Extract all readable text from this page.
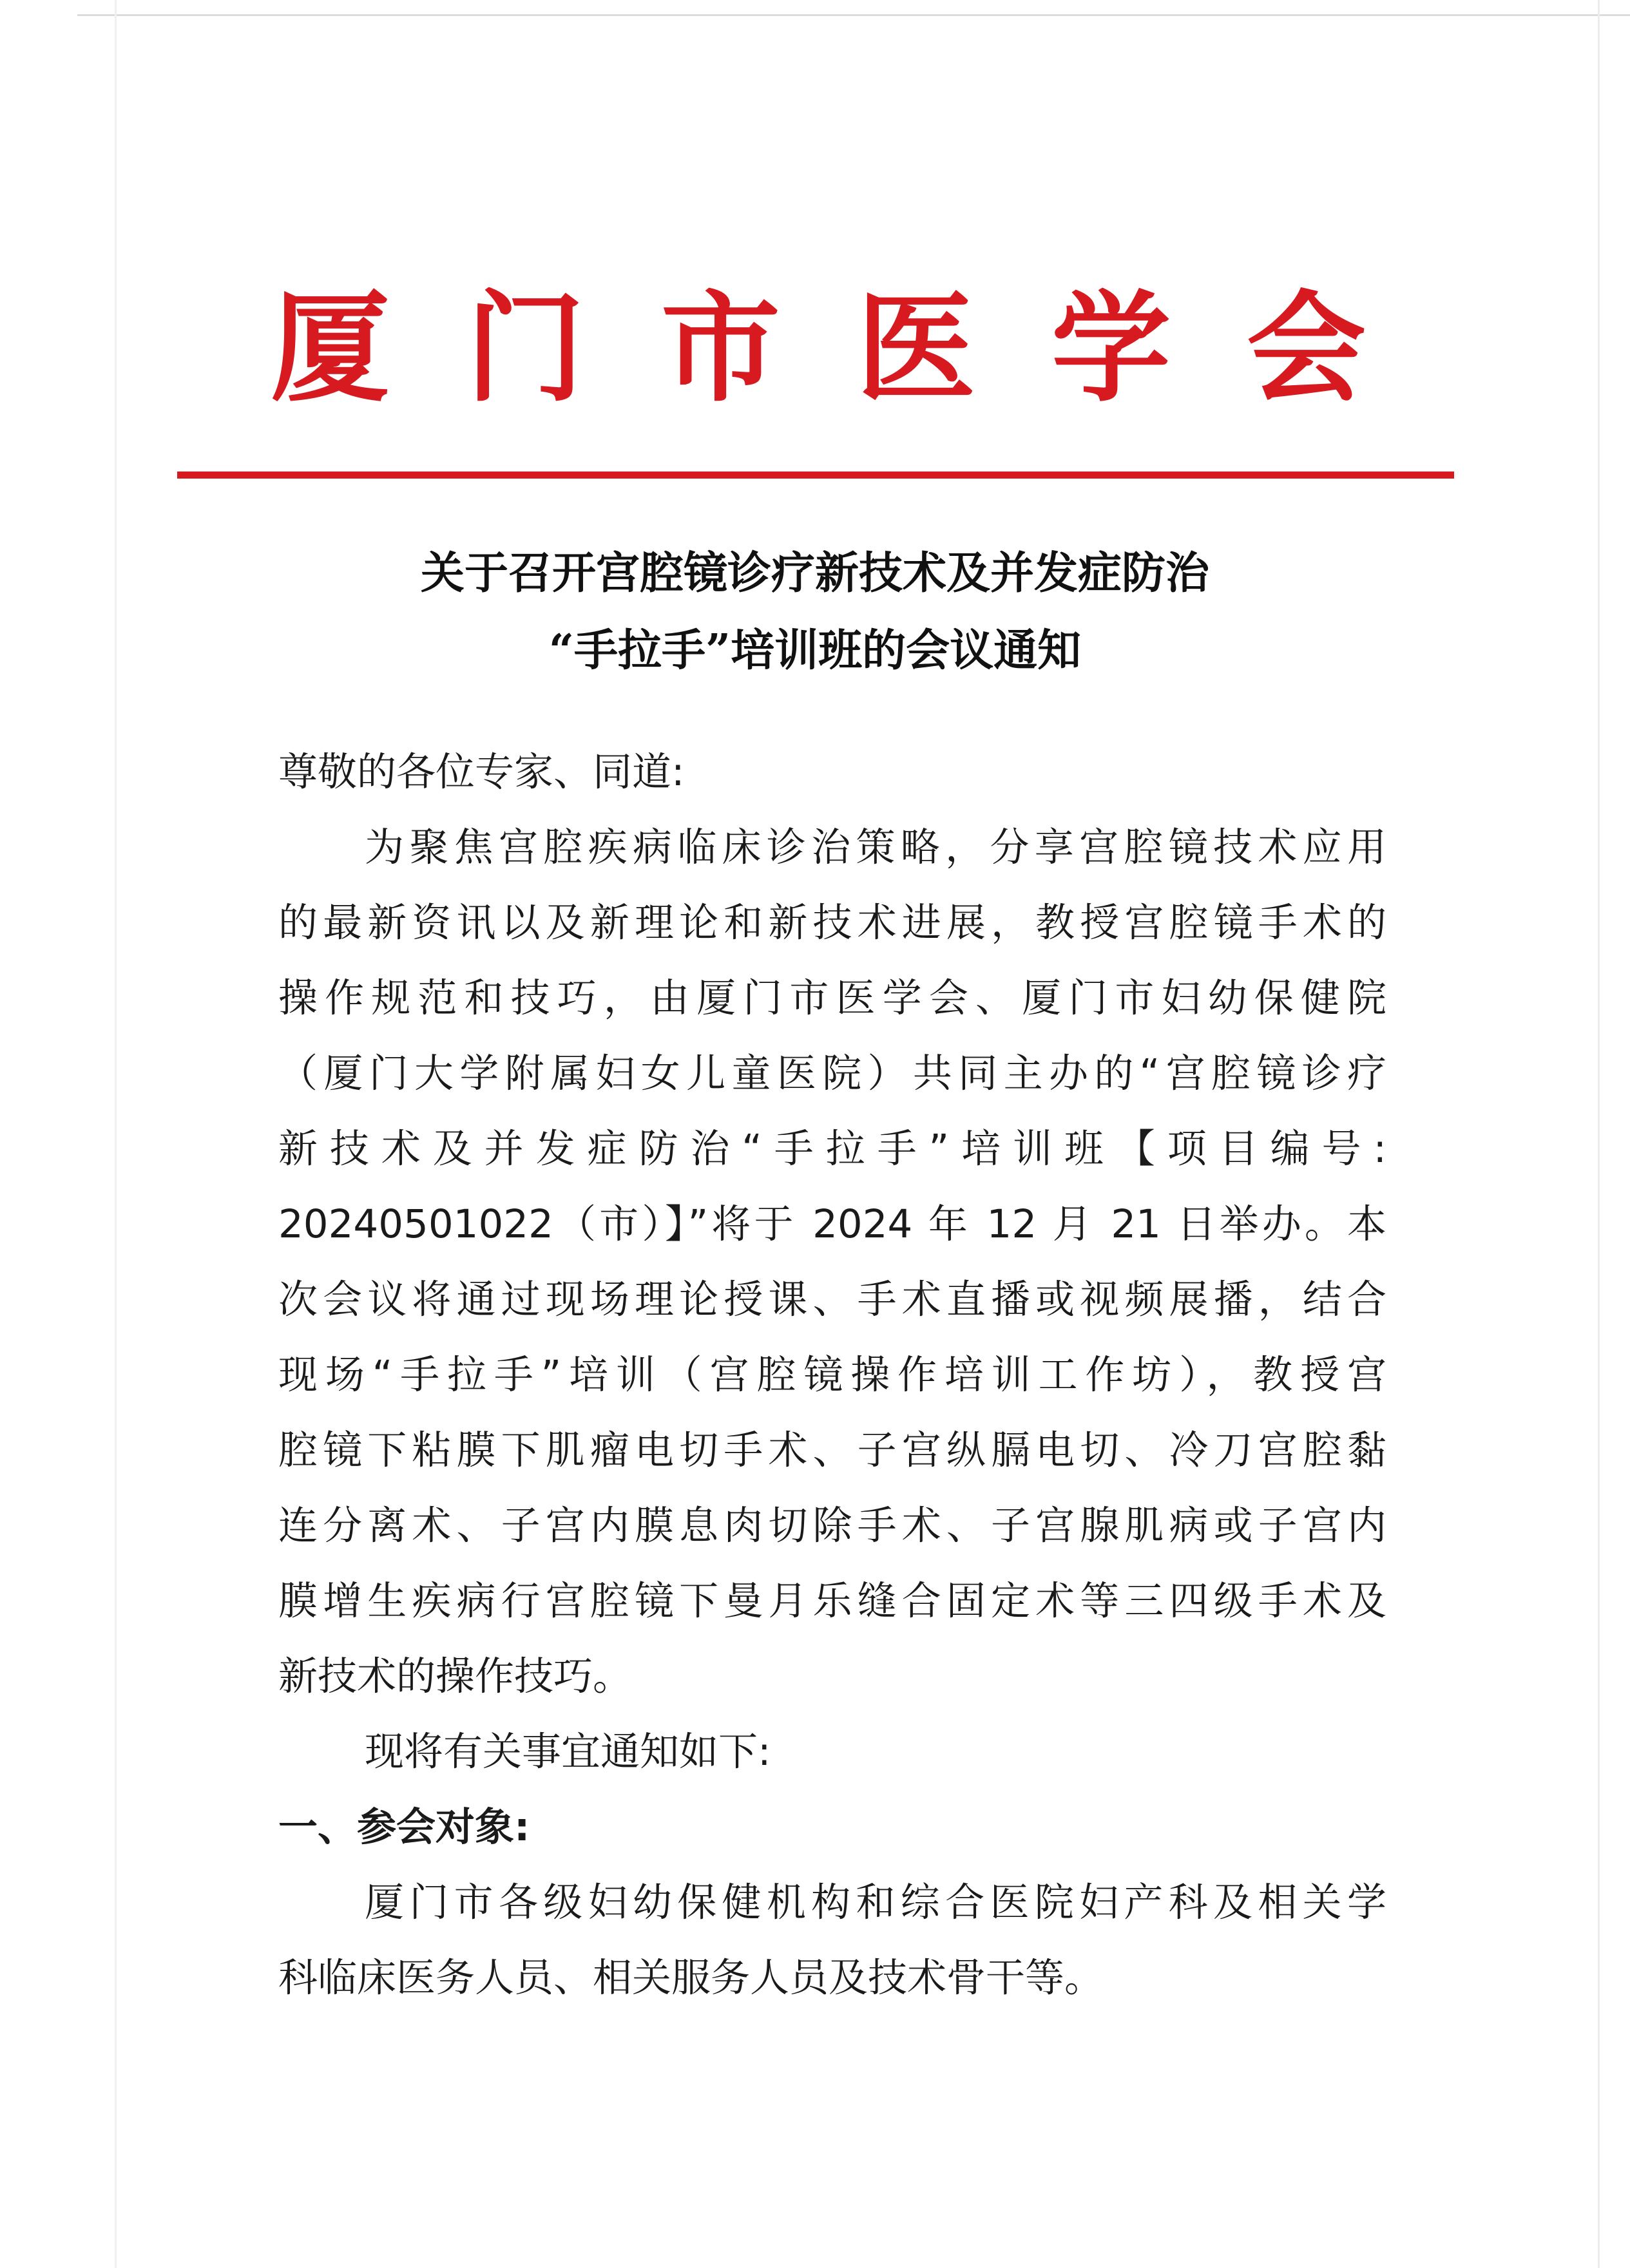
厦 门 市 医 学 会
关于召开宫腔镜诊疗新技术及并发症防治
“手拉手”培训班的会议通知
尊敬的各位专家、同道:
为聚焦宫腔疾病临床诊治策略，分享宫腔镜技术应用
的最新资讯以及新理论和新技术进展，教授宫腔镜手术的
操作规范和技巧，由厦门市医学会、厦门市妇幼保健院
（厦门大学附属妇女儿童医院）共同主办的“宫腔镜诊疗
新技术及并发症防治“手拉手”培训班【项目编号:
20240501022（市）】”将于 2024 年 12 月 21 日举办。本
次会议将通过现场理论授课、手术直播或视频展播，结合
现场“手拉手”培训（宫腔镜操作培训工作坊），教授宫
腔镜下粘膜下肌瘤电切手术、子宫纵膈电切、冷刀宫腔黏
连分离术、子宫内膜息肉切除手术、子宫腺肌病或子宫内
膜增生疾病行宫腔镜下曼月乐缝合固定术等三四级手术及
新技术的操作技巧。
现将有关事宜通知如下:
一、参会对象:
厦门市各级妇幼保健机构和综合医院妇产科及相关学
科临床医务人员、相关服务人员及技术骨干等。
